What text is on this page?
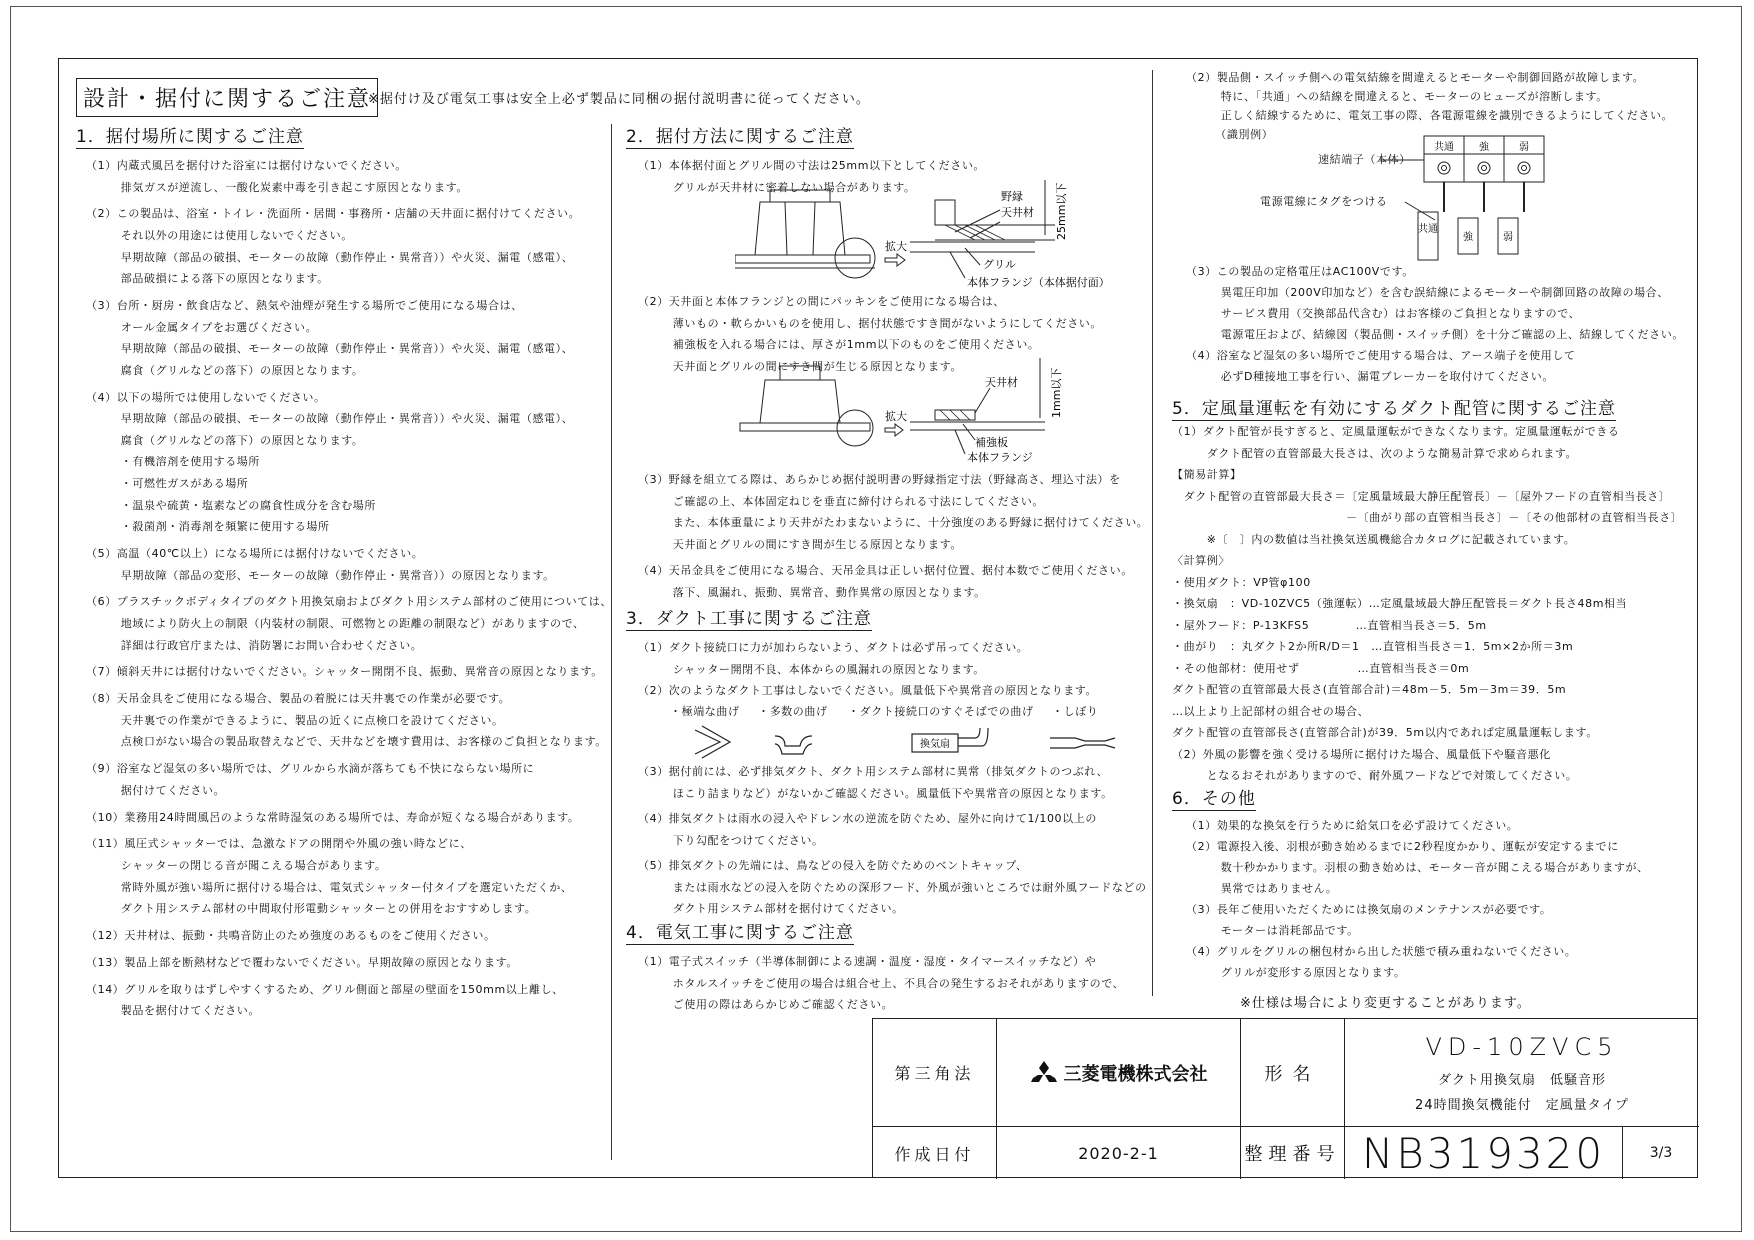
設計・据付に関するご注意
※据付け及び電気工事は安全上必ず製品に同梱の据付説明書に従ってください。
1．据付場所に関するご注意
（1）内蔵式風呂を据付けた浴室には据付けないでください。
　　　排気ガスが逆流し、一酸化炭素中毒を引き起こす原因となります。
（2）この製品は、浴室・トイレ・洗面所・居間・事務所・店舗の天井面に据付けてください。
　　　それ以外の用途には使用しないでください。
　　　早期故障（部品の破損、モーターの故障（動作停止・異常音））や火災、漏電（感電）、
　　　部品破損による落下の原因となります。
（3）台所・厨房・飲食店など、熱気や油煙が発生する場所でご使用になる場合は、
　　　オール金属タイプをお選びください。
　　　早期故障（部品の破損、モーターの故障（動作停止・異常音））や火災、漏電（感電）、
　　　腐食（グリルなどの落下）の原因となります。
（4）以下の場所では使用しないでください。
　　　早期故障（部品の破損、モーターの故障（動作停止・異常音））や火災、漏電（感電）、
　　　腐食（グリルなどの落下）の原因となります。
　　　・有機溶剤を使用する場所
　　　・可燃性ガスがある場所
　　　・温泉や硫黄・塩素などの腐食性成分を含む場所
　　　・殺菌剤・消毒剤を頻繁に使用する場所
（5）高温（40℃以上）になる場所には据付けないでください。
　　　早期故障（部品の変形、モーターの故障（動作停止・異常音））の原因となります。
（6）プラスチックボディタイプのダクト用換気扇およびダクト用システム部材のご使用については、
　　　地域により防火上の制限（内装材の制限、可燃物との距離の制限など）がありますので、
　　　詳細は行政官庁または、消防署にお問い合わせください。
（7）傾斜天井には据付けないでください。シャッター開閉不良、振動、異常音の原因となります。
（8）天吊金具をご使用になる場合、製品の着脱には天井裏での作業が必要です。
　　　天井裏での作業ができるように、製品の近くに点検口を設けてください。
　　　点検口がない場合の製品取替えなどで、天井などを壊す費用は、お客様のご負担となります。
（9）浴室など湿気の多い場所では、グリルから水滴が落ちても不快にならない場所に
　　　据付けてください。
（10）業務用24時間風呂のような常時湿気のある場所では、寿命が短くなる場合があります。
（11）風圧式シャッターでは、急激なドアの開閉や外風の強い時などに、
　　　シャッターの閉じる音が聞こえる場合があります。
　　　常時外風が強い場所に据付ける場合は、電気式シャッター付タイプを選定いただくか、
　　　ダクト用システム部材の中間取付形電動シャッターとの併用をおすすめします。
（12）天井材は、振動・共鳴音防止のため強度のあるものをご使用ください。
（13）製品上部を断熱材などで覆わないでください。早期故障の原因となります。
（14）グリルを取りはずしやすくするため、グリル側面と部屋の壁面を150mm以上離し、
　　　製品を据付けてください。
2．据付方法に関するご注意
（1）本体据付面とグリル間の寸法は25mm以下としてください。
　　　グリルが天井材に密着しない場合があります。
野縁
天井材
グリル
本体フランジ（本体据付面）
拡大
25mm以下
（2）天井面と本体フランジとの間にパッキンをご使用になる場合は、
　　　薄いもの・軟らかいものを使用し、据付状態ですき間がないようにしてください。
　　　補強板を入れる場合には、厚さが1mm以下のものをご使用ください。
　　　天井面とグリルの間にすき間が生じる原因となります。
天井材
補強板
本体フランジ
拡大	1mm以下
（3）野縁を組立てる際は、あらかじめ据付説明書の野縁指定寸法（野縁高さ、埋込寸法）を
　　　ご確認の上、本体固定ねじを垂直に締付けられる寸法にしてください。
　　　また、本体重量により天井がたわまないように、十分強度のある野縁に据付けてください。
　　　天井面とグリルの間にすき間が生じる原因となります。
（4）天吊金具をご使用になる場合、天吊金具は正しい据付位置、据付本数でご使用ください。
　　　落下、風漏れ、振動、異常音、動作異常の原因となります。
3．ダクト工事に関するご注意
（1）ダクト接続口に力が加わらないよう、ダクトは必ず吊ってください。
　　　シャッター開閉不良、本体からの風漏れの原因となります。
（2）次のようなダクト工事はしないでください。風量低下や異常音の原因となります。
・極端な曲げ ・多数の曲げ ・ダクト接続口のすぐそばでの曲げ ・しぼり
換気扇
（3）据付前には、必ず排気ダクト、ダクト用システム部材に異常（排気ダクトのつぶれ、
　　　ほこり詰まりなど）がないかご確認ください。風量低下や異常音の原因となります。
（4）排気ダクトは雨水の浸入やドレン水の逆流を防ぐため、屋外に向けて1/100以上の
　　　下り勾配をつけてください。
（5）排気ダクトの先端には、鳥などの侵入を防ぐためのベントキャップ、
　　　または雨水などの浸入を防ぐための深形フード、外風が強いところでは耐外風フードなどの
　　　ダクト用システム部材を据付けてください。
4．電気工事に関するご注意
（1）電子式スイッチ（半導体制御による速調・温度・湿度・タイマースイッチなど）や
　　　ホタルスイッチをご使用の場合は組合せ上、不具合の発生するおそれがありますので、
　　　ご使用の際はあらかじめご確認ください。
（2）製品側・スイッチ側への電気結線を間違えるとモーターや制御回路が故障します。
　　　特に、「共通」への結線を間違えると、モーターのヒューズが溶断します。
　　　正しく結線するために、電気工事の際、各電源電線を識別できるようにしてください。
　　　（識別例）
速結端子（本体）
電源電線にタグをつける
共通	強	弱
共通
強	弱
（3）この製品の定格電圧はAC100Vです。
　　　異電圧印加（200V印加など）を含む誤結線によるモーターや制御回路の故障の場合、
　　　サービス費用（交換部品代含む）はお客様のご負担となりますので、
　　　電源電圧および、結線図（製品側・スイッチ側）を十分ご確認の上、結線してください。
（4）浴室など湿気の多い場所でご使用する場合は、アース端子を使用して
　　　必ずD種接地工事を行い、漏電ブレーカーを取付けてください。
5．定風量運転を有効にするダクト配管に関するご注意
（1）ダクト配管が長すぎると、定風量運転ができなくなります。定風量運転ができる
　　　ダクト配管の直管部最大長さは、次のような簡易計算で求められます。
【簡易計算】
　ダクト配管の直管部最大長さ＝〔定風量域最大静圧配管長〕－〔屋外フードの直管相当長さ〕
　　　　　　　　　　　　　　　－〔曲がり部の直管相当長さ〕－〔その他部材の直管相当長さ〕
　　　※〔　〕内の数値は当社換気送風機総合カタログに記載されています。
〈計算例〉
・使用ダクト：VP管φ100
・換気扇　：VD-10ZVC5（強運転）…定風量域最大静圧配管長＝ダクト長さ48m相当
・屋外フード：P-13KFS5　　　　…直管相当長さ＝5．5m
・曲がり　：丸ダクト2か所R/D＝1　…直管相当長さ＝1．5m×2か所＝3m
・その他部材：使用せず　　　　　…直管相当長さ＝0m
ダクト配管の直管部最大長さ(直管部合計)＝48m－5．5m－3m＝39．5m
…以上より上記部材の組合せの場合、
ダクト配管の直管部長さ(直管部合計)が39．5m以内であれば定風量運転します。
（2）外風の影響を強く受ける場所に据付けた場合、風量低下や騒音悪化
　　　となるおそれがありますので、耐外風フードなどで対策してください。
6．その他
（1）効果的な換気を行うために給気口を必ず設けてください。
（2）電源投入後、羽根が動き始めるまでに2秒程度かかり、運転が安定するまでに
　　　数十秒かかります。羽根の動き始めは、モーター音が聞こえる場合がありますが、
　　　異常ではありません。
（3）長年ご使用いただくためには換気扇のメンテナンスが必要です。
　　　モーターは消耗部品です。
（4）グリルをグリルの梱包材から出した状態で積み重ねないでください。
　　　グリルが変形する原因となります。
※仕様は場合により変更することがあります。
第三角法	三菱電機株式会社	形名
VD-10ZVC5
ダクト用換気扇　低騒音形
24時間換気機能付　定風量タイプ
作成日付	2020-2-1	整理番号 NB319320	3/3
